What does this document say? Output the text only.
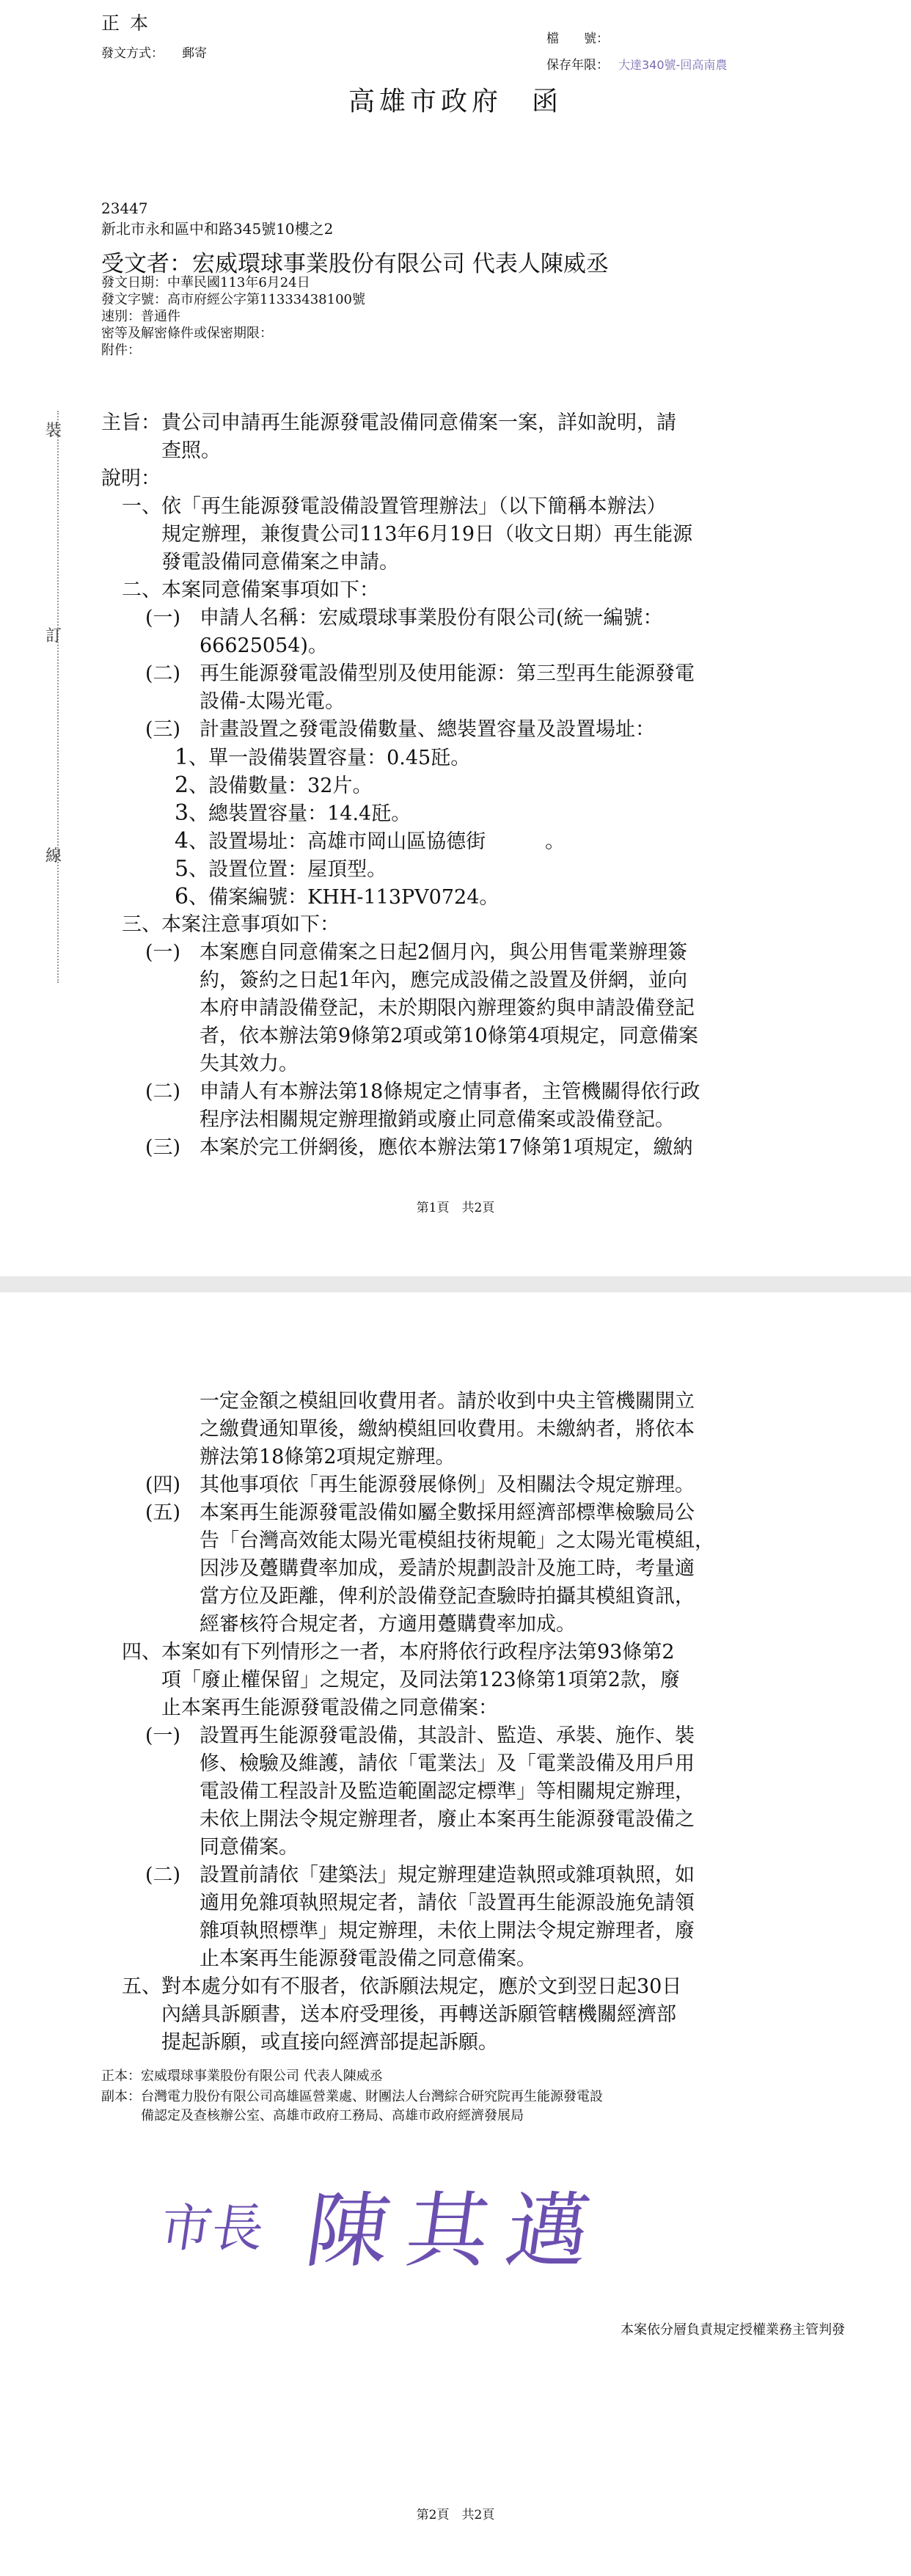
正本
發文方式： 郵寄
檔　　號：
保存年限： 大達340號-回高南農
高雄市政府 函
23447
新北市永和區中和路345號10樓之2
受文者：宏威環球事業股份有限公司 代表人陳威丞
發文日期：中華民國113年6月24日
發文字號：高市府經公字第11333438100號
速別：普通件
密等及解密條件或保密期限：
附件：
裝
訂
線
主旨： 貴公司申請再生能源發電設備同意備案一案，詳如說明，請
查照。
說明：
一、 依「再生能源發電設備設置管理辦法」（以下簡稱本辦法）
規定辦理，兼復貴公司113年6月19日（收文日期）再生能源
發電設備同意備案之申請。
二、 本案同意備案事項如下：
(一) 申請人名稱：宏威環球事業股份有限公司(統一編號：
66625054)。
(二) 再生能源發電設備型別及使用能源：第三型再生能源發電
設備-太陽光電。
(三) 計畫設置之發電設備數量、總裝置容量及設置場址：
1、單一設備裝置容量：0.45瓩。
2、設備數量：32片。
3、總裝置容量：14.4瓩。
4、設置場址：高雄市岡山區協德街　　　。
5、設置位置：屋頂型。
6、備案編號：KHH-113PV0724。
三、 本案注意事項如下：
(一) 本案應自同意備案之日起2個月內，與公用售電業辦理簽
約，簽約之日起1年內，應完成設備之設置及併網，並向
本府申請設備登記，未於期限內辦理簽約與申請設備登記
者，依本辦法第9條第2項或第10條第4項規定，同意備案
失其效力。
(二) 申請人有本辦法第18條規定之情事者，主管機關得依行政
程序法相關規定辦理撤銷或廢止同意備案或設備登記。
(三) 本案於完工併網後，應依本辦法第17條第1項規定，繳納
第1頁　共2頁
一定金額之模組回收費用者。請於收到中央主管機關開立
之繳費通知單後，繳納模組回收費用。未繳納者，將依本
辦法第18條第2項規定辦理。
(四) 其他事項依「再生能源發展條例」及相關法令規定辦理。
(五) 本案再生能源發電設備如屬全數採用經濟部標準檢驗局公
告「台灣高效能太陽光電模組技術規範」之太陽光電模組，
因涉及躉購費率加成，爰請於規劃設計及施工時，考量適
當方位及距離，俾利於設備登記查驗時拍攝其模組資訊，
經審核符合規定者，方適用躉購費率加成。
四、 本案如有下列情形之一者，本府將依行政程序法第93條第2
項「廢止權保留」之規定，及同法第123條第1項第2款，廢
止本案再生能源發電設備之同意備案：
(一) 設置再生能源發電設備，其設計、監造、承裝、施作、裝
修、檢驗及維護，請依「電業法」及「電業設備及用戶用
電設備工程設計及監造範圍認定標準」等相關規定辦理，
未依上開法令規定辦理者，廢止本案再生能源發電設備之
同意備案。
(二) 設置前請依「建築法」規定辦理建造執照或雜項執照，如
適用免雜項執照規定者，請依「設置再生能源設施免請領
雜項執照標準」規定辦理，未依上開法令規定辦理者，廢
止本案再生能源發電設備之同意備案。
五、 對本處分如有不服者，依訴願法規定，應於文到翌日起30日
內繕具訴願書，送本府受理後，再轉送訴願管轄機關經濟部
提起訴願，或直接向經濟部提起訴願。
正本：宏威環球事業股份有限公司 代表人陳威丞
副本：台灣電力股份有限公司高雄區營業處、財團法人台灣綜合研究院再生能源發電設
備認定及查核辦公室、高雄市政府工務局、高雄市政府經濟發展局
市長 陳其邁
本案依分層負責規定授權業務主管判發
第2頁　共2頁
